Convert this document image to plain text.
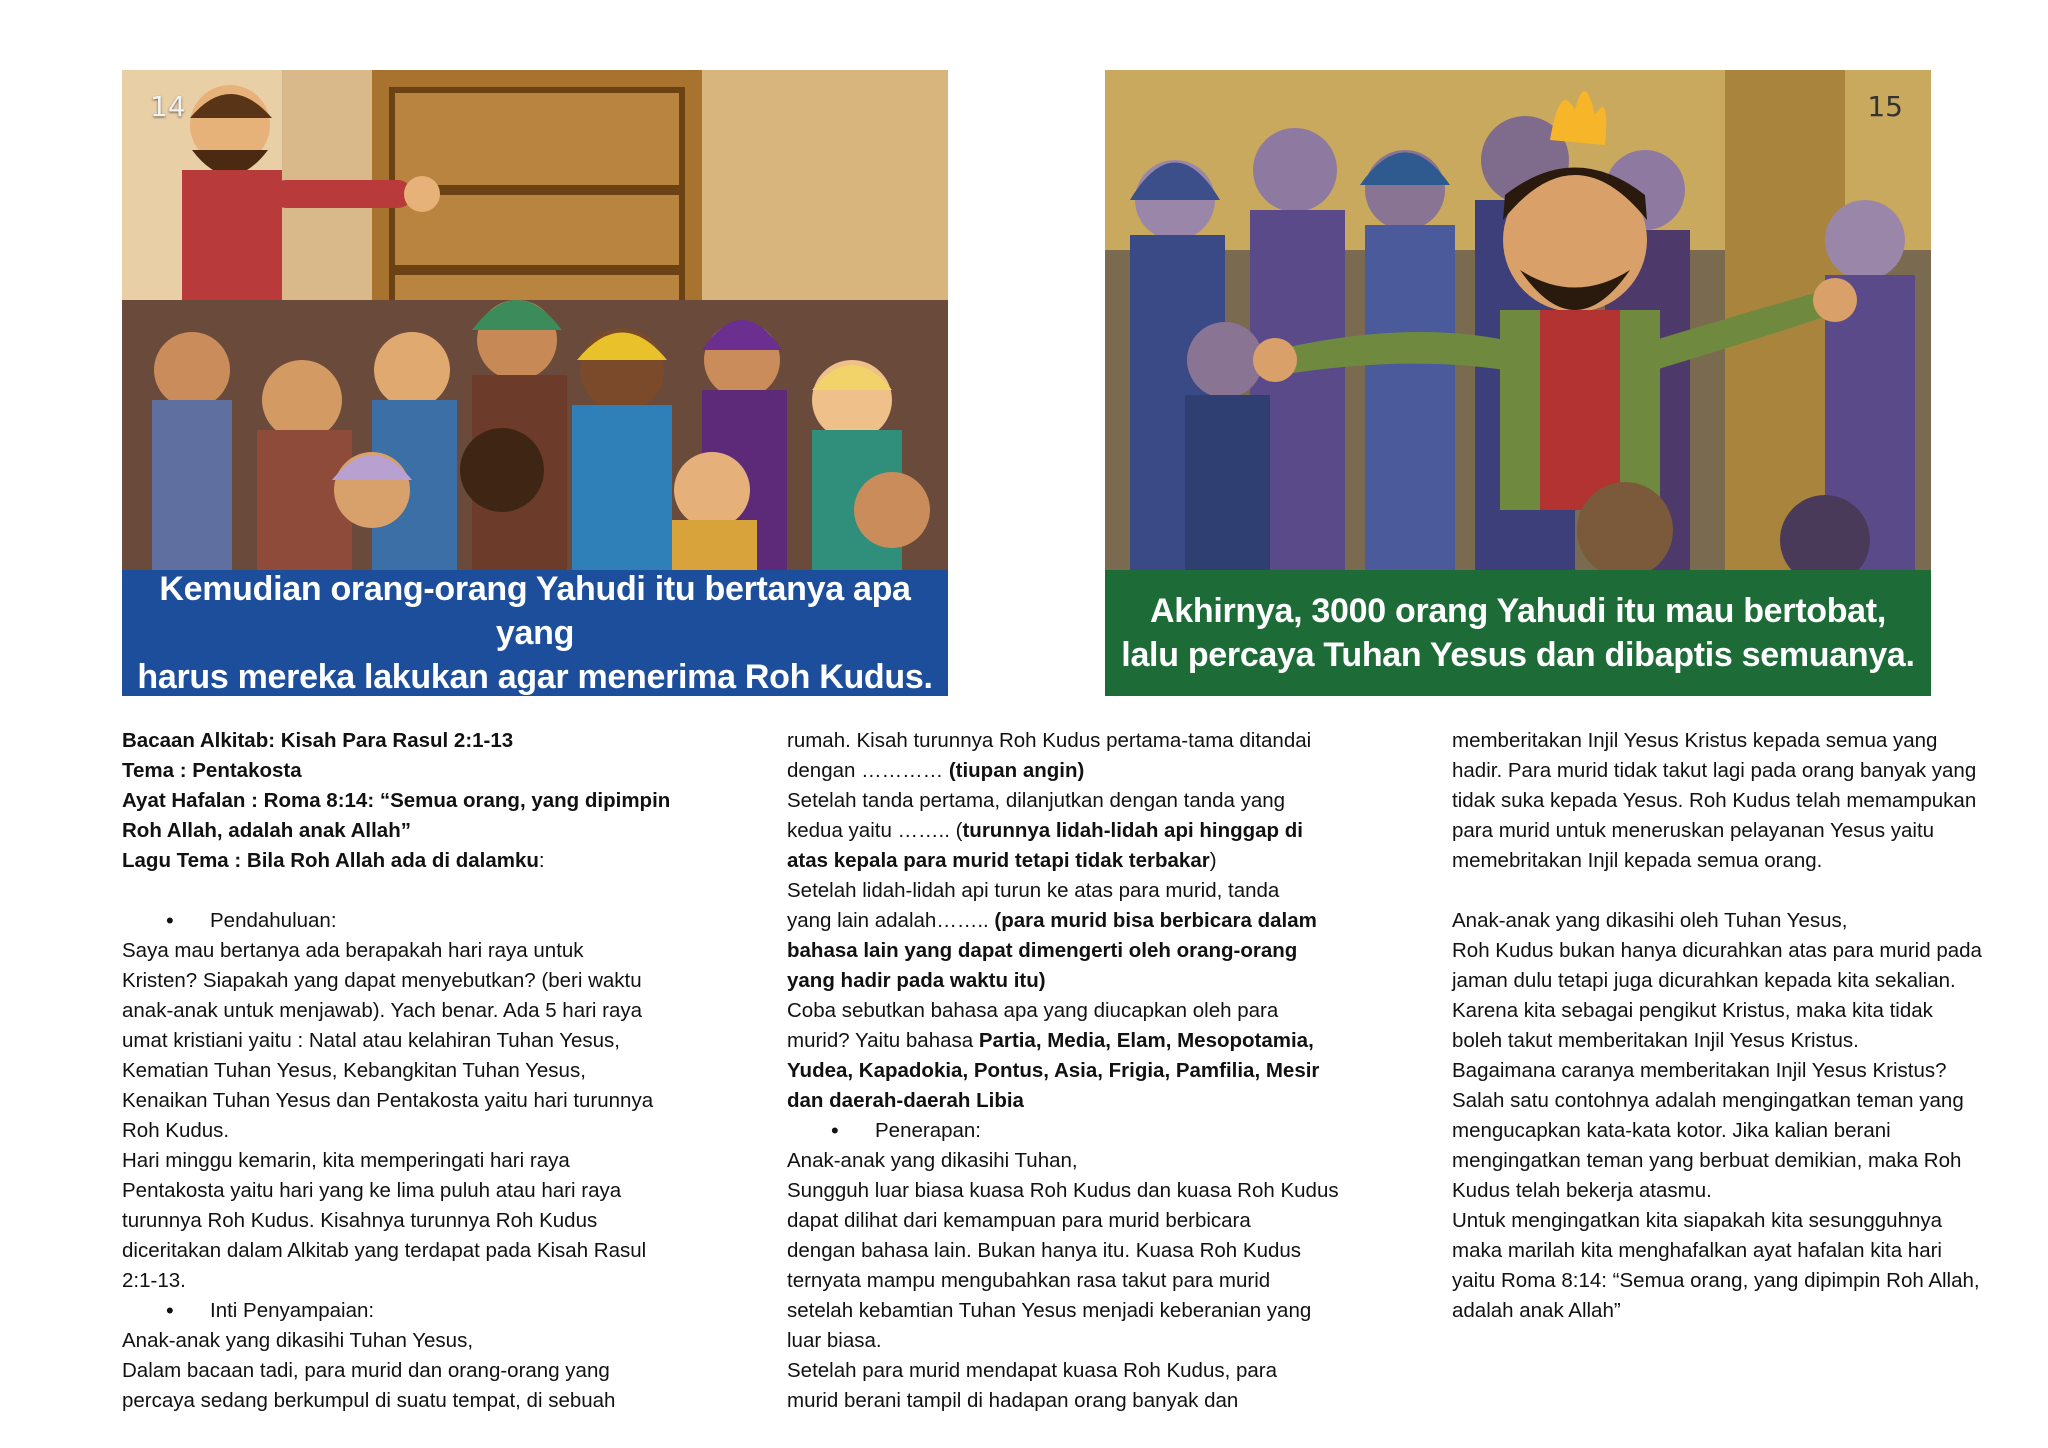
14
Kemudian orang-orang Yahudi itu bertanya apa yang
harus mereka lakukan agar menerima Roh Kudus.
15
Akhirnya, 3000 orang Yahudi itu mau bertobat,
lalu percaya Tuhan Yesus dan dibaptis semuanya.

Bacaan Alkitab: Kisah Para Rasul 2:1-13

Tema : Pentakosta

Ayat Hafalan : Roma 8:14: “Semua orang, yang dipimpin

Roh Allah, adalah anak Allah”

Lagu Tema : Bila Roh Allah ada di dalamku:

• Pendahuluan:

Saya mau bertanya ada berapakah hari raya untuk

Kristen? Siapakah yang dapat menyebutkan? (beri waktu

anak-anak untuk menjawab). Yach benar. Ada 5 hari raya

umat kristiani yaitu : Natal atau kelahiran Tuhan Yesus,

Kematian Tuhan Yesus, Kebangkitan Tuhan Yesus,

Kenaikan Tuhan Yesus dan Pentakosta yaitu hari turunnya

Roh Kudus.

Hari minggu kemarin, kita memperingati hari raya

Pentakosta yaitu hari yang ke lima puluh atau hari raya

turunnya Roh Kudus. Kisahnya turunnya Roh Kudus

diceritakan dalam Alkitab yang terdapat pada Kisah Rasul

2:1-13.

• Inti Penyampaian:

Anak-anak yang dikasihi Tuhan Yesus,

Dalam bacaan tadi, para murid dan orang-orang yang

percaya sedang berkumpul di suatu tempat, di sebuah

rumah. Kisah turunnya Roh Kudus pertama-tama ditandai

dengan ………… (tiupan angin)

Setelah tanda pertama, dilanjutkan dengan tanda yang

kedua yaitu …….. (turunnya lidah-lidah api hinggap di

atas kepala para murid tetapi tidak terbakar)

Setelah lidah-lidah api turun ke atas para murid, tanda

yang lain adalah…….. (para murid bisa berbicara dalam

bahasa lain yang dapat dimengerti oleh orang-orang

yang hadir pada waktu itu)

Coba sebutkan bahasa apa yang diucapkan oleh para

murid? Yaitu bahasa Partia, Media, Elam, Mesopotamia,

Yudea, Kapadokia, Pontus, Asia, Frigia, Pamfilia, Mesir

dan daerah-daerah Libia

• Penerapan:

Anak-anak yang dikasihi Tuhan,

Sungguh luar biasa kuasa Roh Kudus dan kuasa Roh Kudus

dapat dilihat dari kemampuan para murid berbicara

dengan bahasa lain. Bukan hanya itu. Kuasa Roh Kudus

ternyata mampu mengubahkan rasa takut para murid

setelah kebamtian Tuhan Yesus menjadi keberanian yang

luar biasa.

Setelah para murid mendapat kuasa Roh Kudus, para

murid berani tampil di hadapan orang banyak dan

memberitakan Injil Yesus Kristus kepada semua yang

hadir. Para murid tidak takut lagi pada orang banyak yang

tidak suka kepada Yesus. Roh Kudus telah memampukan

para murid untuk meneruskan pelayanan Yesus yaitu

memebritakan Injil kepada semua orang.

Anak-anak yang dikasihi oleh Tuhan Yesus,

Roh Kudus bukan hanya dicurahkan atas para murid pada

jaman dulu tetapi juga dicurahkan kepada kita sekalian.

Karena kita sebagai pengikut Kristus, maka kita tidak

boleh takut memberitakan Injil Yesus Kristus.

Bagaimana caranya memberitakan Injil Yesus Kristus?

Salah satu contohnya adalah mengingatkan teman yang

mengucapkan kata-kata kotor. Jika kalian berani

mengingatkan teman yang berbuat demikian, maka Roh

Kudus telah bekerja atasmu.

Untuk mengingatkan kita siapakah kita sesungguhnya

maka marilah kita menghafalkan ayat hafalan kita hari

yaitu Roma 8:14: “Semua orang, yang dipimpin Roh Allah,

adalah anak Allah”
